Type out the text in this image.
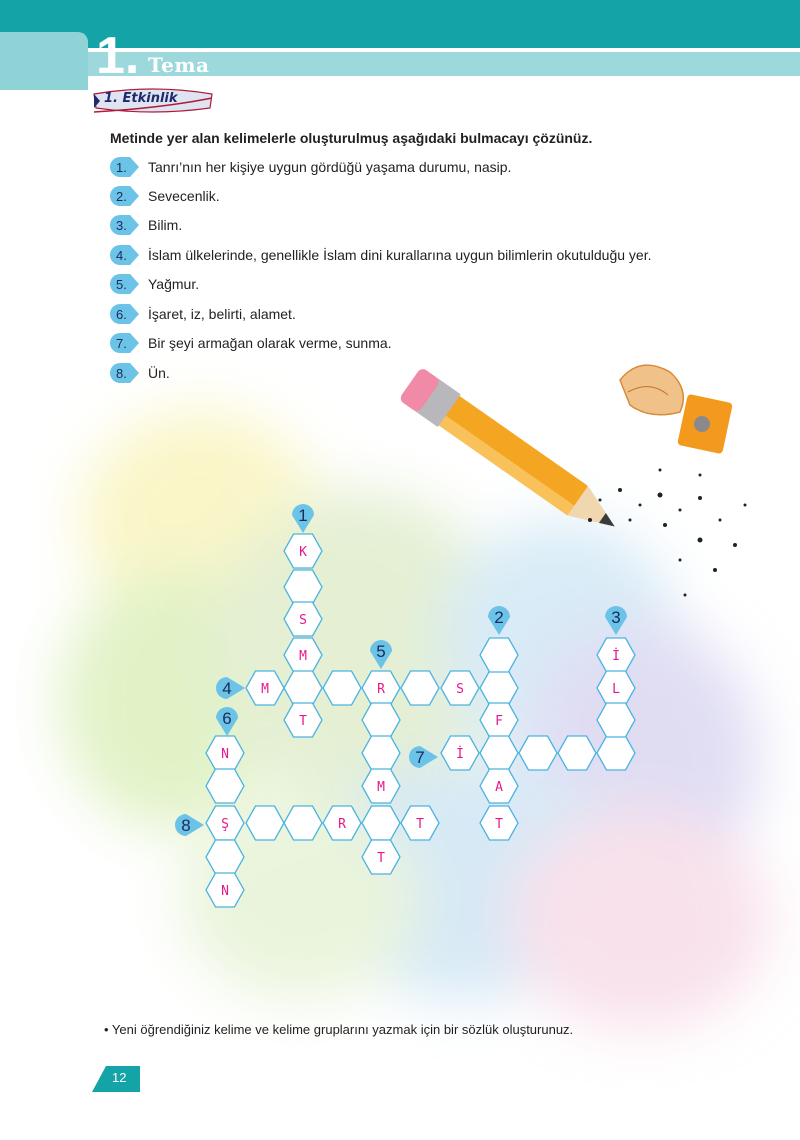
1. Tema
1. Etkinlik
Metinde yer alan kelimelerle oluşturulmuş aşağıdaki bulmacayı çözünüz.
1. Tanrı’nın her kişiye uygun gördüğü yaşama durumu, nasip.
2. Sevecenlik.
3. Bilim.
4. İslam ülkelerinde, genellikle İslam dini kurallarına uygun bilimlerin okutulduğu yer.
5. Yağmur.
6. İşaret, iz, belirti, alamet.
7. Bir şeyi armağan olarak verme, sunma.
8. Ün.
K
S
M
T
M	R	S
M
T
F
A
T
İ
İ
L
N
Ş
N
R	T
1
2	3
4
5
6
7
8
• Yeni öğrendiğiniz kelime ve kelime gruplarını yazmak için bir sözlük oluşturunuz.
12
